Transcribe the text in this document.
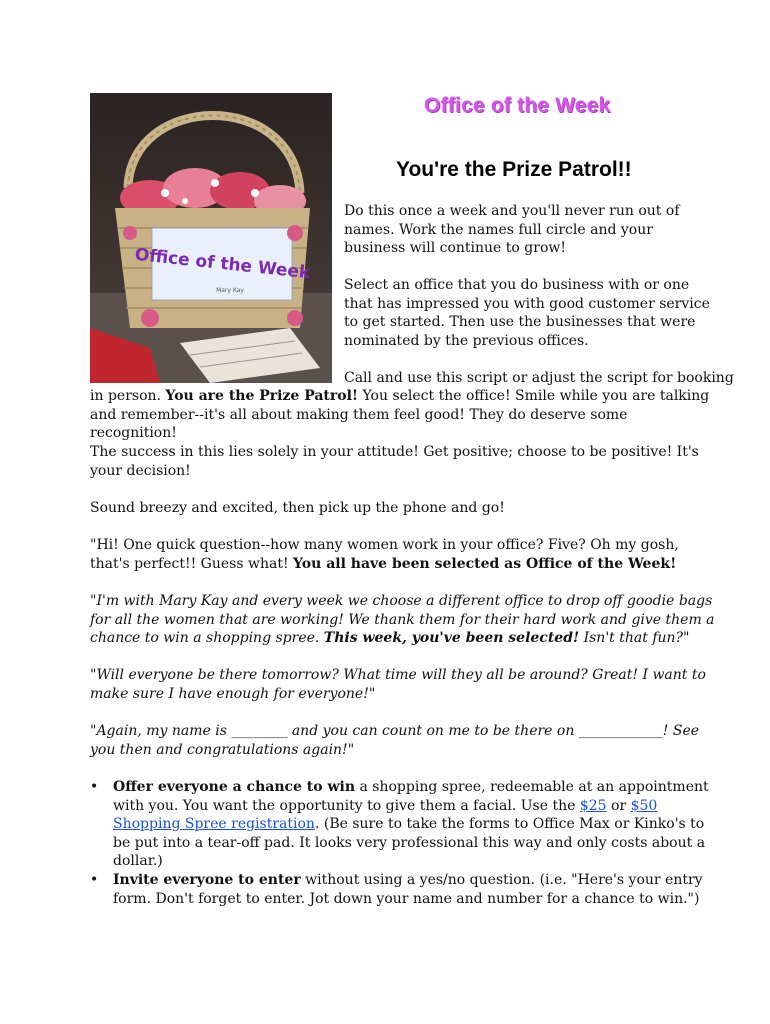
Office of the Week
Mary Kay
Office of the Week
You're the Prize Patrol!!
Do this once a week and you'll never run out of names. Work the names full circle and your business will continue to grow!
Select an office that you do business with or one that has impressed you with good customer service to get started. Then use the businesses that were nominated by the previous offices.
Call and use this script or adjust the script for booking
in person. You are the Prize Patrol! You select the office! Smile while you are talking and remember--it's all about making them feel good! They do deserve some recognition!
The success in this lies solely in your attitude! Get positive; choose to be positive! It's your decision!
Sound breezy and excited, then pick up the phone and go!
"Hi! One quick question--how many women work in your office? Five? Oh my gosh, that's perfect!! Guess what! You all have been selected as Office of the Week!
"I'm with Mary Kay and every week we choose a different office to drop off goodie bags for all the women that are working! We thank them for their hard work and give them a chance to win a shopping spree. This week, you've been selected! Isn't that fun?"
"Will everyone be there tomorrow? What time will they all be around? Great! I want to make sure I have enough for everyone!"
"Again, my name is ________ and you can count on me to be there on ____________! See you then and congratulations again!"
•	Offer everyone a chance to win a shopping spree, redeemable at an appointment with you. You want the opportunity to give them a facial. Use the $25 or $50 Shopping Spree registration. (Be sure to take the forms to Office Max or Kinko's to be put into a tear-off pad. It looks very professional this way and only costs about a dollar.)
•	Invite everyone to enter without using a yes/no question. (i.e. "Here's your entry form. Don't forget to enter. Jot down your name and number for a chance to win.")
